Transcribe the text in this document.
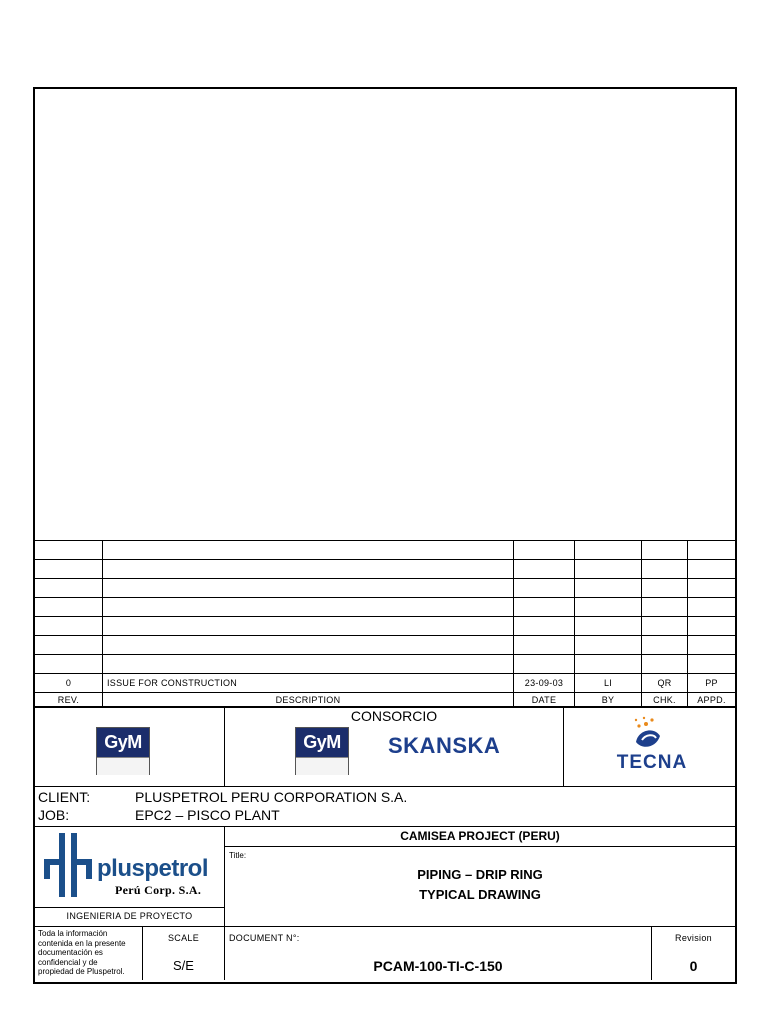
0	ISSUE FOR CONSTRUCTION	23-09-03	LI	QR	PP
REV.	DESCRIPTION	DATE	BY	CHK.	APPD.
GyM
CONSORCIO
GyM	SKANSKA
TECNA
CLIENT:	PLUSPETROL PERU CORPORATION S.A.
JOB:	EPC2 – PISCO PLANT
CAMISEA PROJECT (PERU)
pluspetrol
Perú Corp. S.A.
Title:
PIPING – DRIP RING
TYPICAL DRAWING
INGENIERIA DE PROYECTO
Toda la información
contenida en la presente
documentación es
confidencial y de
propiedad de Pluspetrol.
SCALE
S/E
DOCUMENT N°:
PCAM-100-TI-C-150
Revision
0
